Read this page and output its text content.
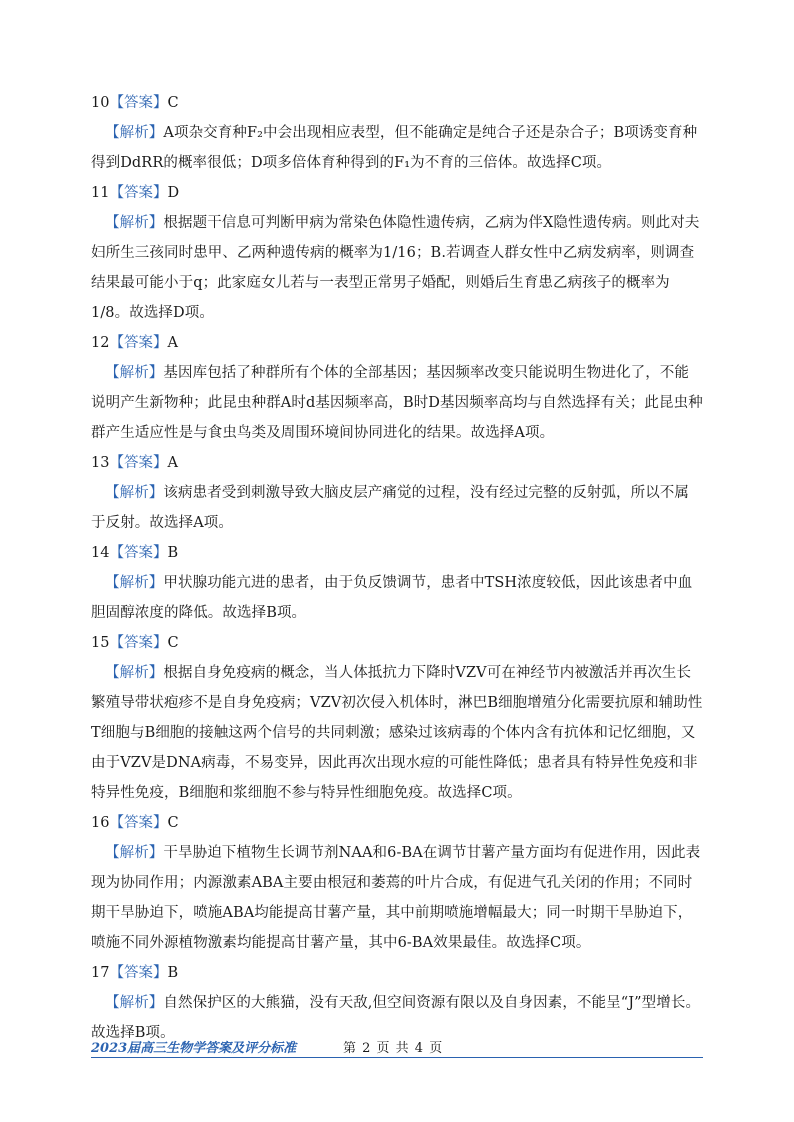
10【答案】C

【解析】A项杂交育种F₂中会出现相应表型，但不能确定是纯合子还是杂合子；B项诱变育种得到DdRR的概率很低；D项多倍体育种得到的F₁为不育的三倍体。故选择C项。

11【答案】D

【解析】根据题干信息可判断甲病为常染色体隐性遗传病，乙病为伴X隐性遗传病。则此对夫妇所生三孩同时患甲、乙两种遗传病的概率为1/16；B.若调查人群女性中乙病发病率，则调查结果最可能小于q；此家庭女儿若与一表型正常男子婚配，则婚后生育患乙病孩子的概率为1/8。故选择D项。

12【答案】A

【解析】基因库包括了种群所有个体的全部基因；基因频率改变只能说明生物进化了，不能说明产生新物种；此昆虫种群A时d基因频率高，B时D基因频率高均与自然选择有关；此昆虫种群产生适应性是与食虫鸟类及周围环境间协同进化的结果。故选择A项。

13【答案】A

【解析】该病患者受到刺激导致大脑皮层产痛觉的过程，没有经过完整的反射弧，所以不属于反射。故选择A项。

14【答案】B

【解析】甲状腺功能亢进的患者，由于负反馈调节，患者中TSH浓度较低，因此该患者中血胆固醇浓度的降低。故选择B项。

15【答案】C

【解析】根据自身免疫病的概念，当人体抵抗力下降时VZV可在神经节内被激活并再次生长繁殖导带状疱疹不是自身免疫病；VZV初次侵入机体时，淋巴B细胞增殖分化需要抗原和辅助性T细胞与B细胞的接触这两个信号的共同刺激；感染过该病毒的个体内含有抗体和记忆细胞，又由于VZV是DNA病毒，不易变异，因此再次出现水痘的可能性降低；患者具有特异性免疫和非特异性免疫，B细胞和浆细胞不参与特异性细胞免疫。故选择C项。

16【答案】C

【解析】干旱胁迫下植物生长调节剂NAA和6-BA在调节甘薯产量方面均有促进作用，因此表现为协同作用；内源激素ABA主要由根冠和萎蔫的叶片合成，有促进气孔关闭的作用；不同时期干旱胁迫下，喷施ABA均能提高甘薯产量，其中前期喷施增幅最大；同一时期干旱胁迫下，喷施不同外源植物激素均能提高甘薯产量，其中6-BA效果最佳。故选择C项。

17【答案】B

【解析】自然保护区的大熊猫，没有天敌,但空间资源有限以及自身因素，不能呈“J”型增长。故选择B项。

2023届高三生物学答案及评分标准	第 2 页 共 4 页
